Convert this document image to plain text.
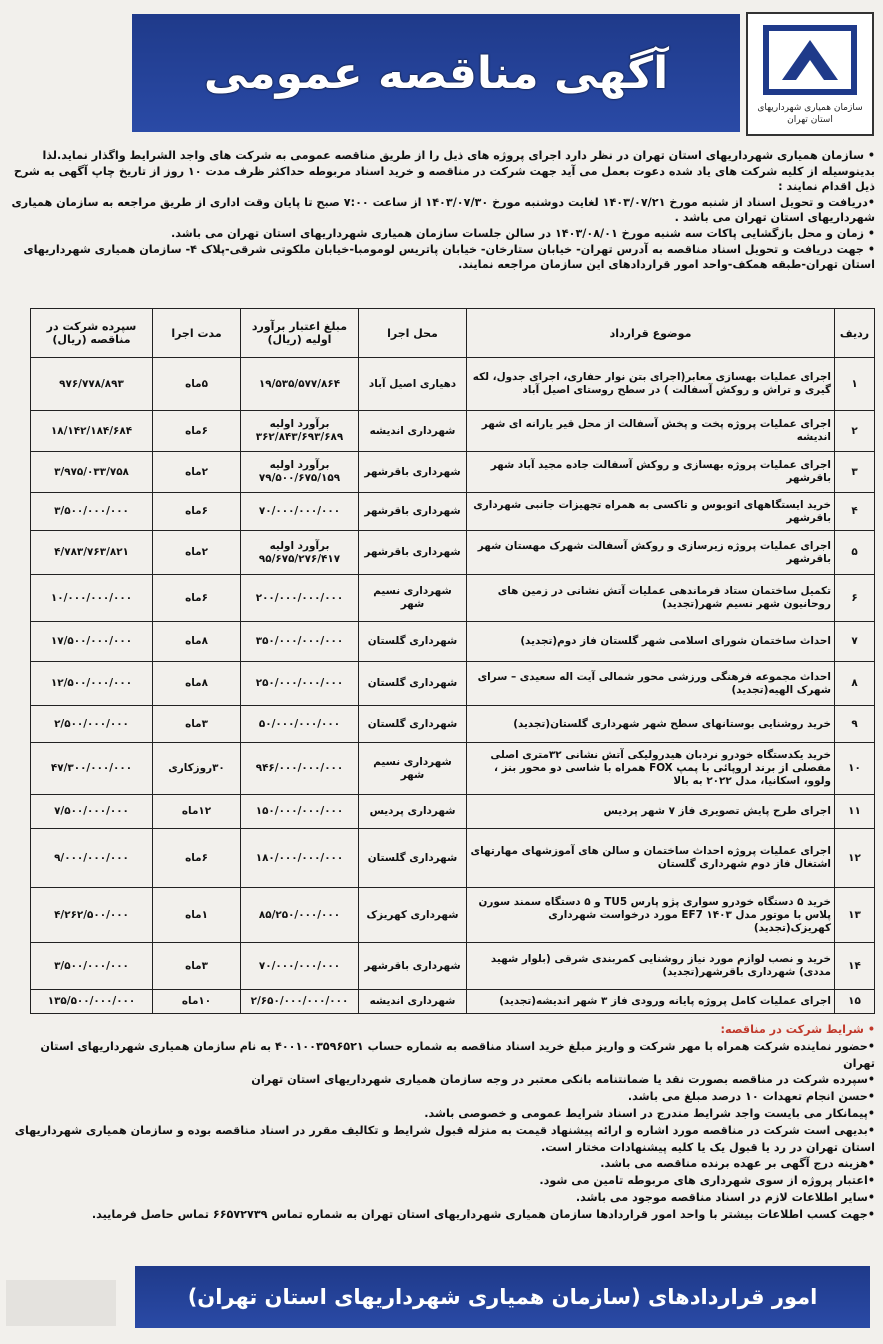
آگهی مناقصه عمومی
سازمان همیاری شهرداریهای استان تهران

• سازمان همیاری شهرداریهای استان تهران در نظر دارد اجرای پروژه های ذیل را از طریق مناقصه عمومی به شرکت های واجد الشرایط واگذار نماید.لذا بدینوسیله از کلیه شرکت های یاد شده دعوت بعمل می آید جهت شرکت در مناقصه و خرید اسناد مربوطه حداکثر ظرف مدت ۱۰ روز از تاریخ چاپ آگهی به شرح ذیل اقدام نمایند :

•دریافت و تحویل اسناد از شنبه مورخ ۱۴۰۳/۰۷/۲۱ لغایت دوشنبه مورخ ۱۴۰۳/۰۷/۳۰ از ساعت ۷:۰۰ صبح تا پایان وقت اداری از طریق مراجعه به سازمان همیاری شهرداریهای استان تهران می باشد .

• زمان و محل بازگشایی پاکات سه شنبه مورخ ۱۴۰۳/۰۸/۰۱ در سالن جلسات سازمان همیاری شهرداریهای استان تهران می باشد.

• جهت دریافت و تحویل اسناد مناقصه به آدرس تهران- خیابان ستارخان- خیابان پاتریس لومومبا-خیابان ملکوتی شرقی-پلاک ۴- سازمان همیاری شهرداریهای استان تهران-طبقه همکف-واحد امور قراردادهای این سازمان مراجعه نمایند.

ردیف	موضوع قرارداد	محل اجرا	مبلغ اعتبار برآورد اولیه (ریال)	مدت اجرا	سپرده شرکت در مناقصه (ریال)
۱	اجرای عملیات بهسازی معابر(اجرای بتن نوار حفاری، اجرای جدول، لکه گیری و تراش و روکش آسفالت ) در سطح روستای اصیل آباد	دهیاری اصیل آباد	۱۹/۵۳۵/۵۷۷/۸۶۴	۵ماه	۹۷۶/۷۷۸/۸۹۳
۲	اجرای عملیات پروژه پخت و پخش آسفالت از محل قیر یارانه ای شهر اندیشه	شهرداری اندیشه	برآورد اولیه ۳۶۲/۸۴۳/۶۹۳/۶۸۹	۶ماه	۱۸/۱۴۲/۱۸۴/۶۸۴
۳	اجرای عملیات پروژه بهسازی و روکش آسفالت جاده مجید آباد شهر باقرشهر	شهرداری باقرشهر	برآورد اولیه ۷۹/۵۰۰/۶۷۵/۱۵۹	۲ماه	۳/۹۷۵/۰۳۳/۷۵۸
۴	خرید ایستگاههای اتوبوس و تاکسی به همراه تجهیزات جانبی شهرداری باقرشهر	شهرداری باقرشهر	۷۰/۰۰۰/۰۰۰/۰۰۰	۶ماه	۳/۵۰۰/۰۰۰/۰۰۰
۵	اجرای عملیات پروژه زیرسازی و روکش آسفالت شهرک مهستان شهر باقرشهر	شهرداری باقرشهر	برآورد اولیه ۹۵/۶۷۵/۲۷۶/۴۱۷	۲ماه	۴/۷۸۳/۷۶۳/۸۲۱
۶	تکمیل ساختمان ستاد فرماندهی عملیات آتش نشانی در زمین های روحانیون شهر نسیم شهر(تجدید)	شهرداری نسیم شهر	۲۰۰/۰۰۰/۰۰۰/۰۰۰	۶ماه	۱۰/۰۰۰/۰۰۰/۰۰۰
۷	احداث ساختمان شورای اسلامی شهر گلستان فاز دوم(تجدید)	شهرداری گلستان	۳۵۰/۰۰۰/۰۰۰/۰۰۰	۸ماه	۱۷/۵۰۰/۰۰۰/۰۰۰
۸	احداث مجموعه فرهنگی ورزشی محور شمالی آیت اله سعیدی – سرای شهرک الهیه(تجدید)	شهرداری گلستان	۲۵۰/۰۰۰/۰۰۰/۰۰۰	۸ماه	۱۲/۵۰۰/۰۰۰/۰۰۰
۹	خرید روشنایی بوستانهای سطح شهر شهرداری گلستان(تجدید)	شهرداری گلستان	۵۰/۰۰۰/۰۰۰/۰۰۰	۳ماه	۲/۵۰۰/۰۰۰/۰۰۰
۱۰	خرید یکدستگاه خودرو نردبان هیدرولیکی آتش نشانی ۳۲متری اصلی مفصلی از برند اروپائی با پمپ FOX همراه با شاسی دو محور بنز ، ولوو، اسکانیا، مدل ۲۰۲۲ به بالا	شهرداری نسیم شهر	۹۴۶/۰۰۰/۰۰۰/۰۰۰	۳۰روزکاری	۴۷/۳۰۰/۰۰۰/۰۰۰
۱۱	اجرای طرح پایش تصویری فاز ۷ شهر پردیس	شهرداری پردیس	۱۵۰/۰۰۰/۰۰۰/۰۰۰	۱۲ماه	۷/۵۰۰/۰۰۰/۰۰۰
۱۲	اجرای عملیات پروژه احداث ساختمان و سالن های آموزشهای مهارتهای اشتغال فاز دوم شهرداری گلستان	شهرداری گلستان	۱۸۰/۰۰۰/۰۰۰/۰۰۰	۶ماه	۹/۰۰۰/۰۰۰/۰۰۰
۱۳	خرید ۵ دستگاه خودرو سواری پژو پارس TU5 و ۵ دستگاه سمند سورن پلاس با موتور مدل EF7 ۱۴۰۳ مورد درخواست شهرداری کهریزک(تجدید)	شهرداری کهریزک	۸۵/۲۵۰/۰۰۰/۰۰۰	۱ماه	۴/۲۶۲/۵۰۰/۰۰۰
۱۴	خرید و نصب لوازم مورد نیاز روشنایی کمربندی شرقی (بلوار شهید مددی) شهرداری باقرشهر(تجدید)	شهرداری باقرشهر	۷۰/۰۰۰/۰۰۰/۰۰۰	۳ماه	۳/۵۰۰/۰۰۰/۰۰۰
۱۵	اجرای عملیات کامل پروژه پایانه ورودی فاز ۳ شهر اندیشه(تجدید)	شهرداری اندیشه	۲/۶۵۰/۰۰۰/۰۰۰/۰۰۰	۱۰ماه	۱۳۵/۵۰۰/۰۰۰/۰۰۰

• شرایط شرکت در مناقصه:

•حضور نماینده شرکت همراه با مهر شرکت و واریز مبلغ خرید اسناد مناقصه به شماره حساب ۴۰۰۱۰۰۳۵۹۶۵۲۱ به نام سازمان همیاری شهرداریهای استان تهران

•سپرده شرکت در مناقصه بصورت نقد یا ضمانتنامه بانکی معتبر در وجه سازمان همیاری شهرداریهای استان تهران

•حسن انجام تعهدات ۱۰ درصد مبلغ می باشد.

•پیمانکار می بایست واجد شرایط مندرج در اسناد شرایط عمومی و خصوصی باشد.

•بدیهی است شرکت در مناقصه مورد اشاره و ارائه پیشنهاد قیمت به منزله قبول شرایط و تکالیف مقرر در اسناد مناقصه بوده و سازمان همیاری شهرداریهای استان تهران در رد یا قبول یک یا کلیه پیشنهادات مختار است.

•هزینه درج آگهی بر عهده برنده مناقصه می باشد.

•اعتبار پروژه از سوی شهرداری های مربوطه تامین می شود.

•سایر اطلاعات لازم در اسناد مناقصه موجود می باشد.

•جهت کسب اطلاعات بیشتر با واحد امور قراردادها سازمان همیاری شهرداریهای استان تهران به شماره تماس ۶۶۵۷۲۷۳۹ تماس حاصل فرمایید.

امور قراردادهای (سازمان همیاری شهرداریهای استان تهران)
